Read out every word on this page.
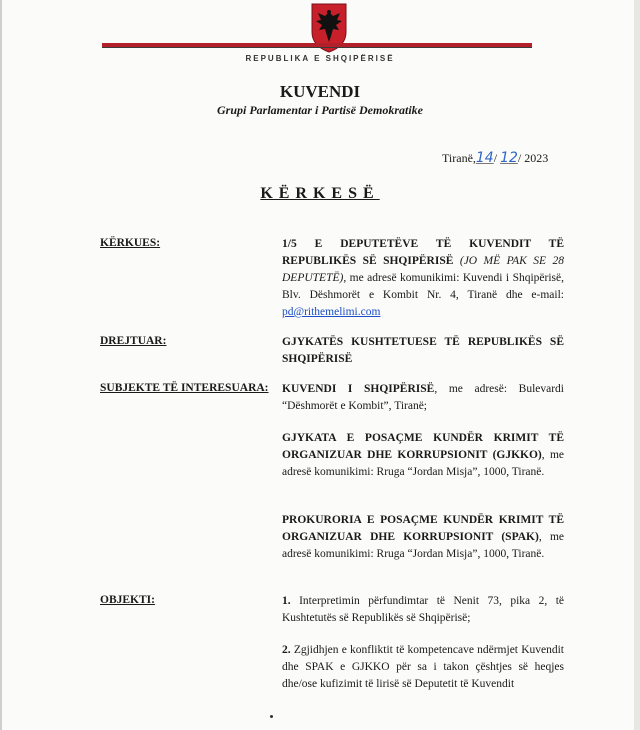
REPUBLIKA E SHQIPËRISË
KUVENDI
Grupi Parlamentar i Partisë Demokratike
Tiranë,14/ 12/ 2023
KËRKESË
KËRKUES:	1/5 E DEPUTETËVE TË KUVENDIT TË REPUBLIKËS SË SHQIPËRISË (JO MË PAK SE 28 DEPUTETË), me adresë komunikimi: Kuvendi i Shqipërisë, Blv. Dëshmorët e Kombit Nr. 4, Tiranë dhe e-mail: pd@rithemelimi.com
DREJTUAR:	GJYKATËS KUSHTETUESE TË REPUBLIKËS SË SHQIPËRISË
SUBJEKTE TË INTERESUARA: KUVENDI I SHQIPËRISË, me adresë: Bulevardi “Dëshmorët e Kombit”, Tiranë;
GJYKATA E POSAÇME KUNDËR KRIMIT TË ORGANIZUAR DHE KORRUPSIONIT (GJKKO), me adresë komunikimi: Rruga “Jordan Misja”, 1000, Tiranë.
PROKURORIA E POSAÇME KUNDËR KRIMIT TË ORGANIZUAR DHE KORRUPSIONIT (SPAK), me adresë komunikimi: Rruga “Jordan Misja”, 1000, Tiranë.
OBJEKTI:	1. Interpretimin përfundimtar të Nenit 73, pika 2, të Kushtetutës së Republikës së Shqipërisë;
2. Zgjidhjen e konfliktit të kompetencave ndërmjet Kuvendit dhe SPAK e GJKKO për sa i takon çështjes së heqjes dhe/ose kufizimit të lirisë së Deputetit të Kuvendit
